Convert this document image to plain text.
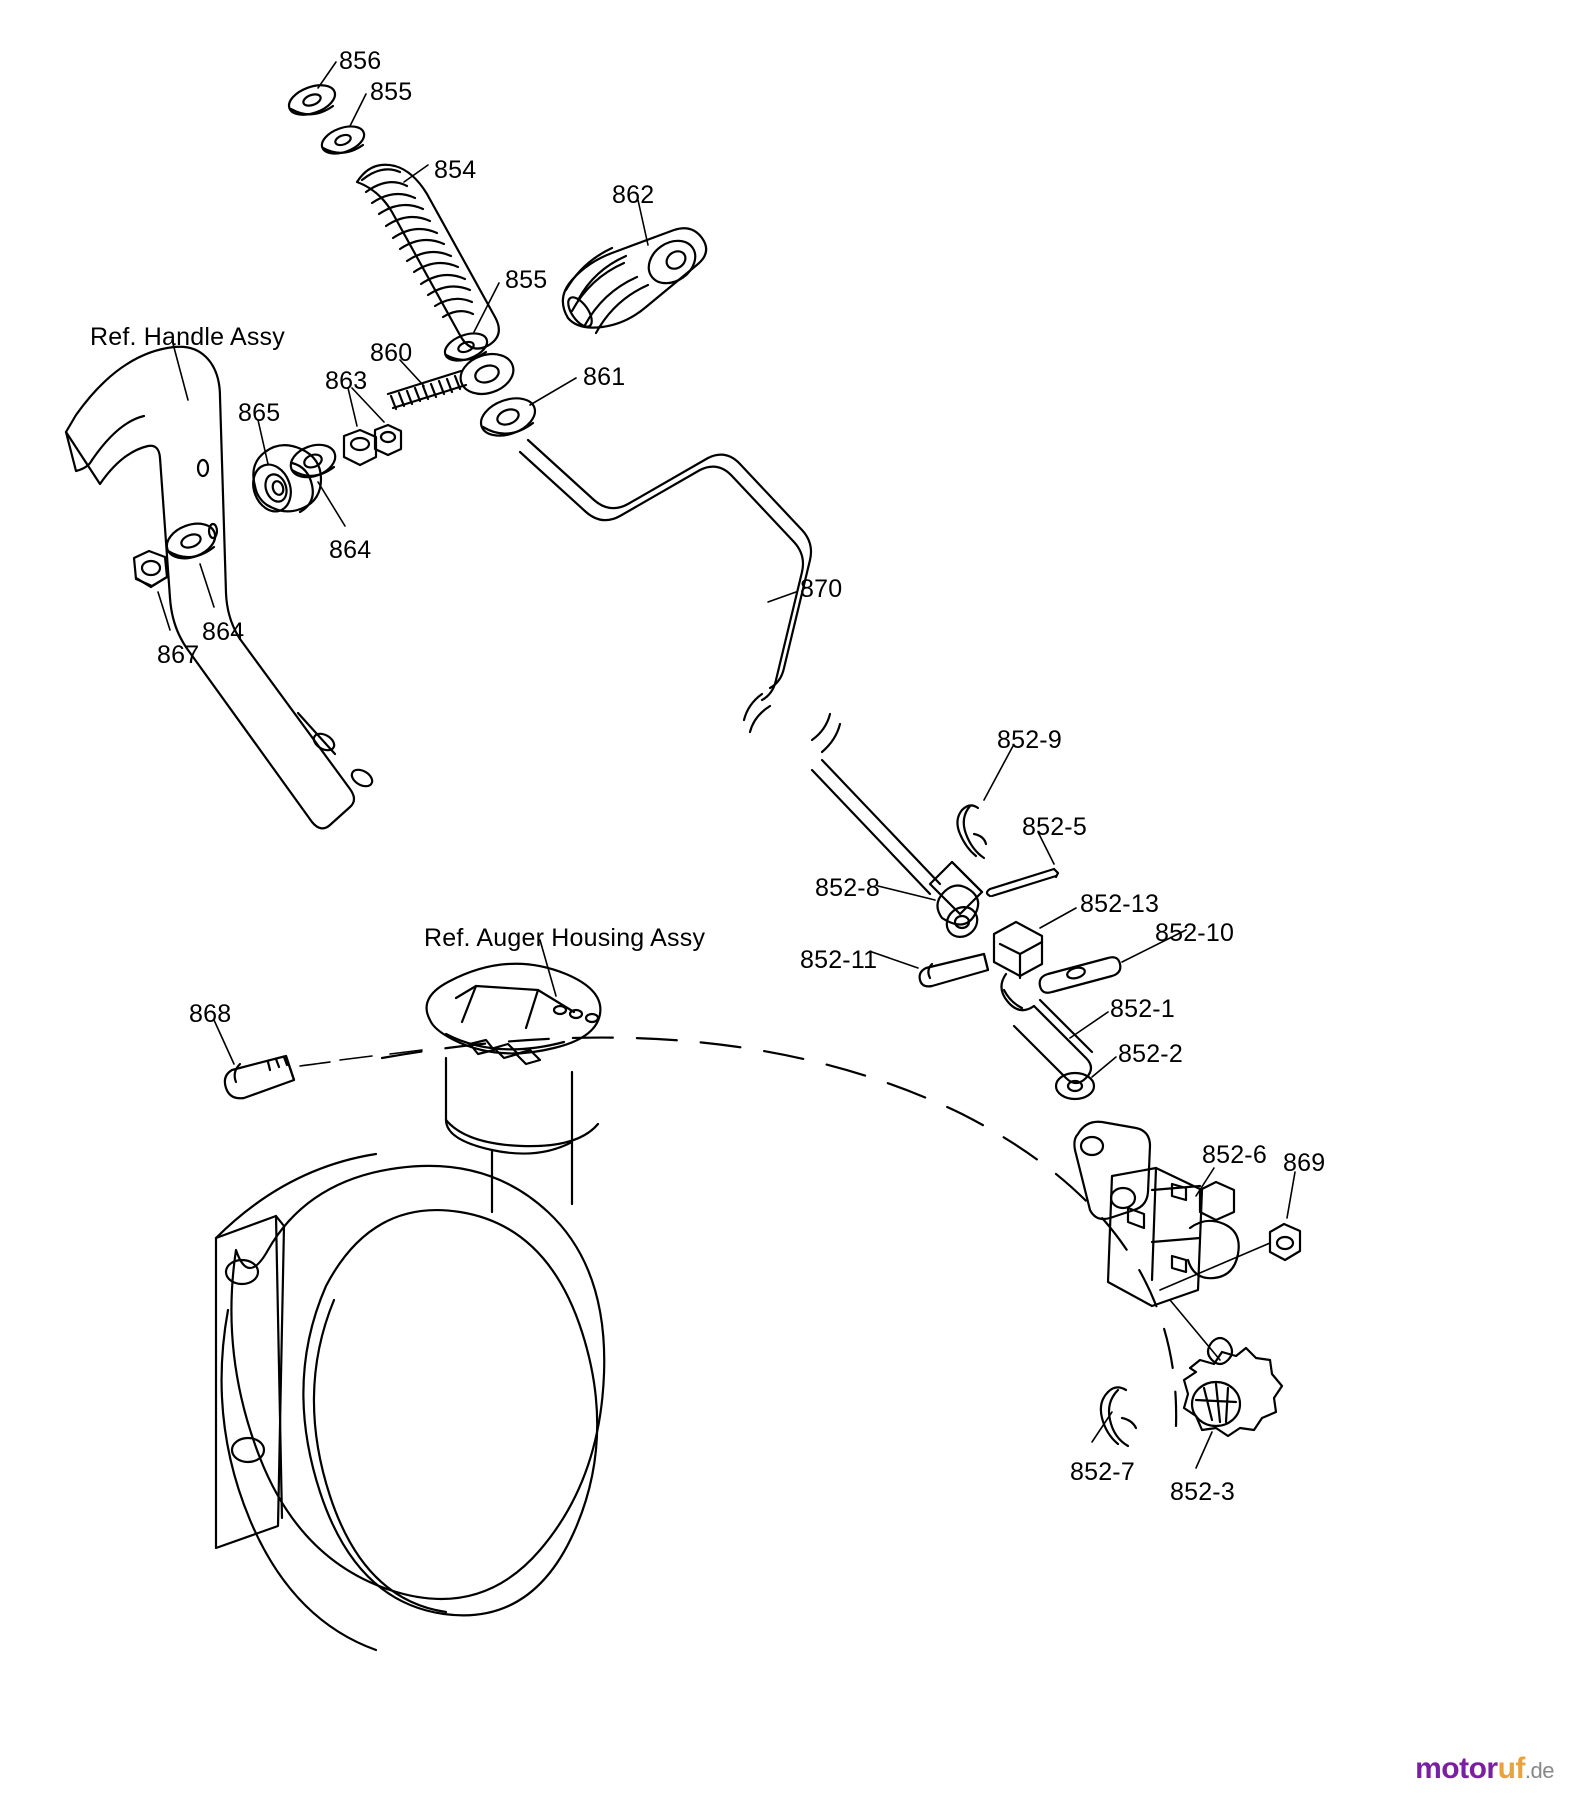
Ref. Handle Assy
Ref. Auger Housing Assy
856
855
854
862
855
860
861
863
865
864
864
867
870
852-9
852-5
852-8
852-13
852-10
852-11
852-1
852-2
868
852-6 869
852-7
852-3
motoruf.de
